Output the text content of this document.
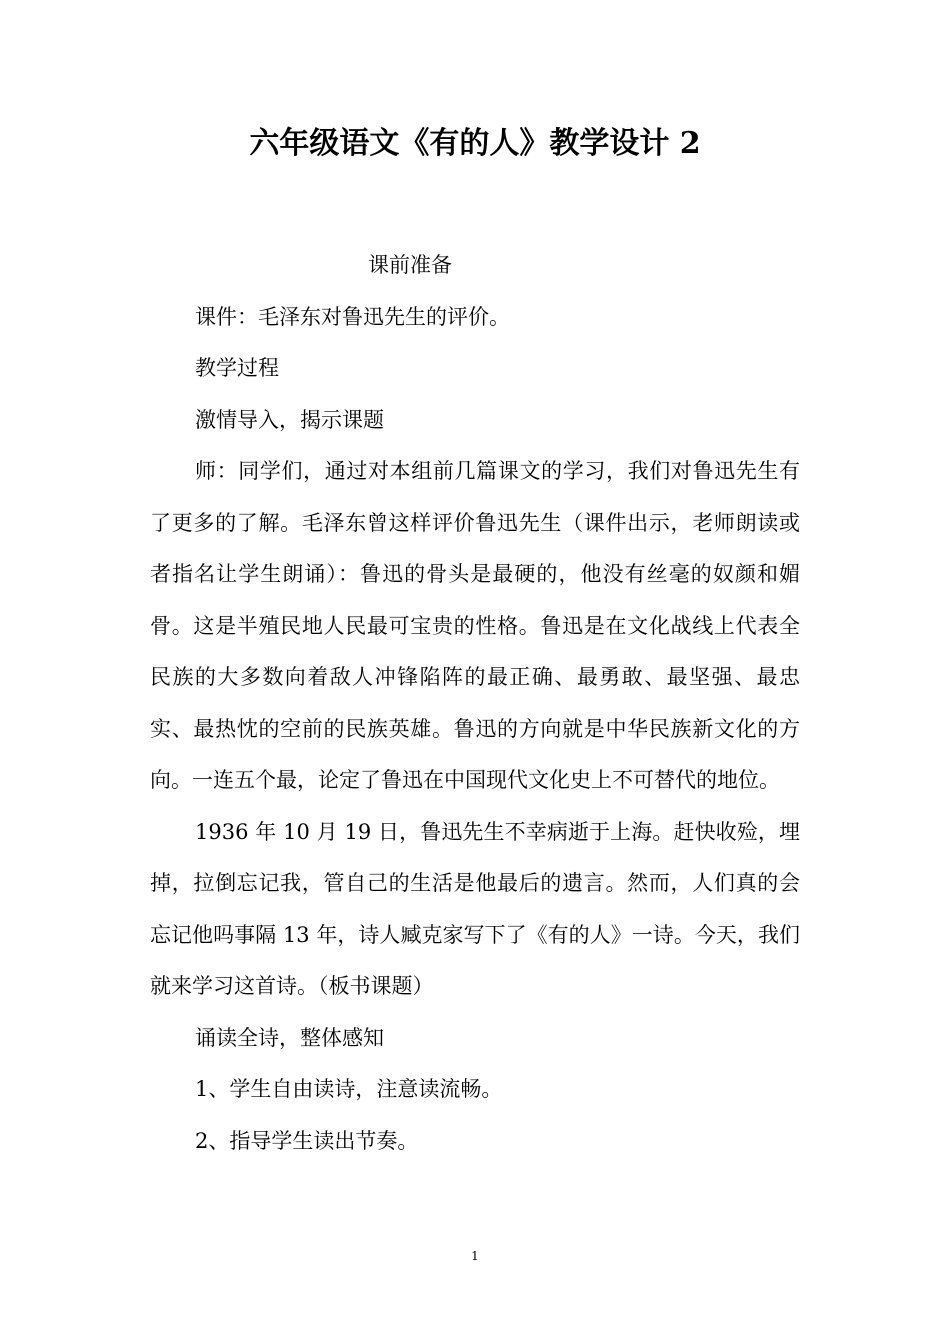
六年级语文《有的人》教学设计 2

课前准备

课件：毛泽东对鲁迅先生的评价。

教学过程

激情导入，揭示课题

师：同学们，通过对本组前几篇课文的学习，我们对鲁迅先生有了更多的了解。毛泽东曾这样评价鲁迅先生（课件出示，老师朗读或者指名让学生朗诵）：鲁迅的骨头是最硬的，他没有丝毫的奴颜和媚骨。这是半殖民地人民最可宝贵的性格。鲁迅是在文化战线上代表全民族的大多数向着敌人冲锋陷阵的最正确、最勇敢、最坚强、最忠实、最热忱的空前的民族英雄。鲁迅的方向就是中华民族新文化的方向。一连五个最，论定了鲁迅在中国现代文化史上不可替代的地位。

1936 年 10 月 19 日，鲁迅先生不幸病逝于上海。赶快收殓，埋掉，拉倒忘记我，管自己的生活是他最后的遗言。然而，人们真的会忘记他吗事隔 13 年，诗人臧克家写下了《有的人》一诗。今天，我们就来学习这首诗。（板书课题）

诵读全诗，整体感知

1、学生自由读诗，注意读流畅。

2、指导学生读出节奏。

1
